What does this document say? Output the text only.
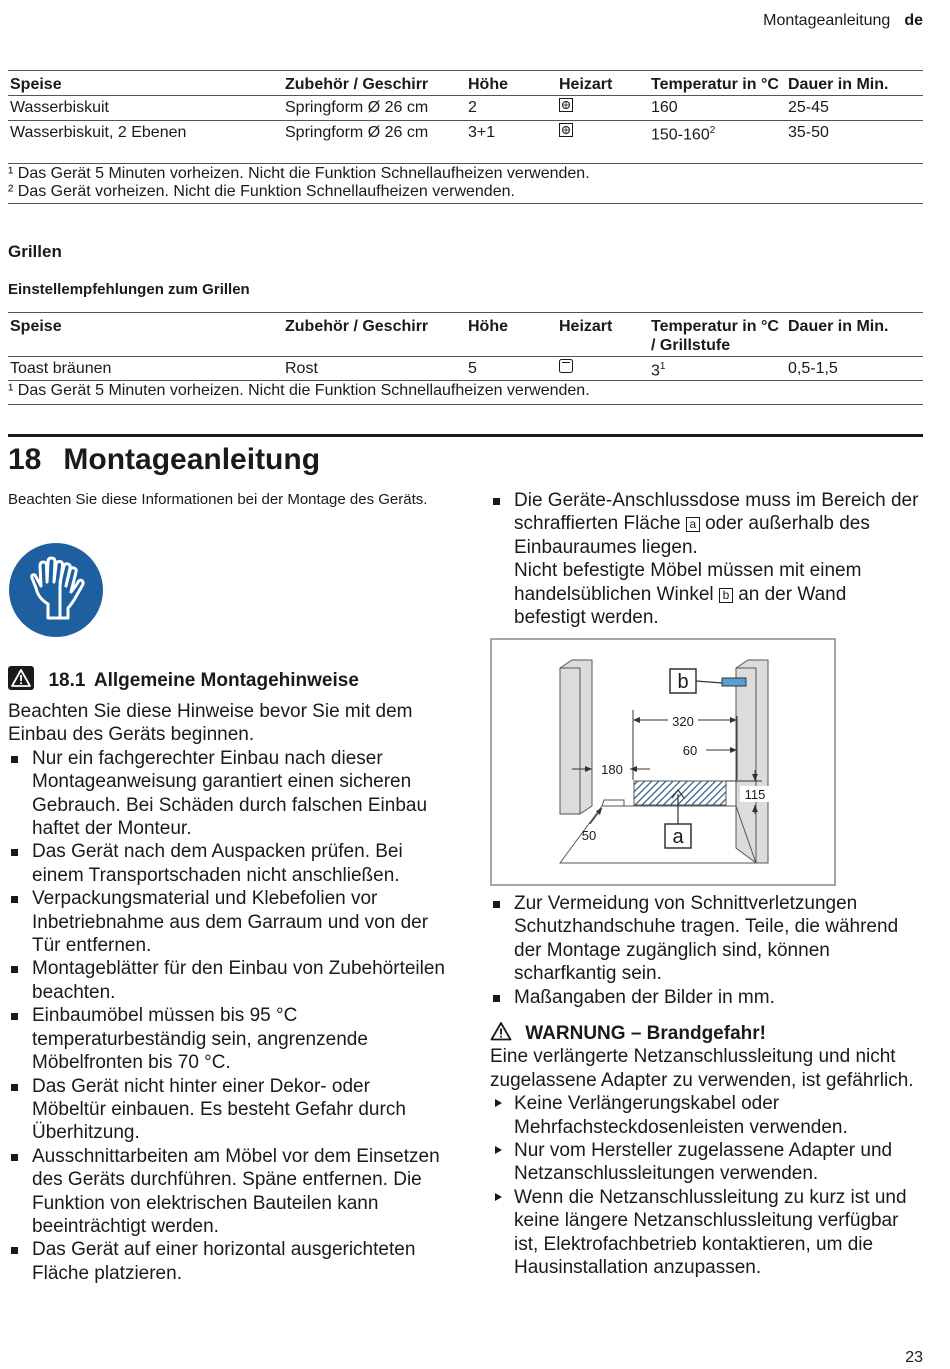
Montageanleitung de
Speise	Zubehör / Geschirr	Höhe	Heizart	Temperatur in °C	Dauer in Min.
Wasserbiskuit	Springform Ø 26 cm	2		160	25-45
Wasserbiskuit, 2 Ebenen	Springform Ø 26 cm	3+1		$150-160^2$	35-50
¹ Das Gerät 5 Minuten vorheizen. Nicht die Funktion Schnellaufheizen verwenden.
² Das Gerät vorheizen. Nicht die Funktion Schnellaufheizen verwenden.
Grillen
Einstellempfehlungen zum Grillen
Speise	Zubehör / Geschirr	Höhe	Heizart	Temperatur in °C / Grillstufe	Dauer in Min.
Toast bräunen	Rost	5		$3^1$	0,5-1,5
¹ Das Gerät 5 Minuten vorheizen. Nicht die Funktion Schnellaufheizen verwenden.
18 Montageanleitung
Beachten Sie diese Informationen bei der Montage des Geräts.
18.1 Allgemeine Montagehinweise
Beachten Sie diese Hinweise bevor Sie mit dem Einbau des Geräts beginnen.
Nur ein fachgerechter Einbau nach dieser Montageanweisung garantiert einen sicheren Gebrauch. Bei Schäden durch falschen Einbau haftet der Monteur.
Das Gerät nach dem Auspacken prüfen. Bei einem Transportschaden nicht anschließen.
Verpackungsmaterial und Klebefolien vor Inbetriebnahme aus dem Garraum und von der Tür entfernen.
Montageblätter für den Einbau von Zubehörteilen beachten.
Einbaumöbel müssen bis 95 °C temperaturbeständig sein, angrenzende Möbelfronten bis 70 °C.
Das Gerät nicht hinter einer Dekor- oder Möbeltür einbauen. Es besteht Gefahr durch Überhitzung.
Ausschnittarbeiten am Möbel vor dem Einsetzen des Geräts durchführen. Späne entfernen. Die Funktion von elektrischen Bauteilen kann beeinträchtigt werden.
Das Gerät auf einer horizontal ausgerichteten Fläche platzieren.
Die Geräte-Anschlussdose muss im Bereich der schraffierten Fläche a oder außerhalb des Einbauraumes liegen.
Nicht befestigte Möbel müssen mit einem handelsüblichen Winkel b an der Wand befestigt werden.
b
a
320
60
180
115
50
Zur Vermeidung von Schnittverletzungen Schutzhandschuhe tragen. Teile, die während der Montage zugänglich sind, können scharfkantig sein.
Maßangaben der Bilder in mm.
WARNUNG – Brandgefahr!
Eine verlängerte Netzanschlussleitung und nicht zugelassene Adapter zu verwenden, ist gefährlich.
Keine Verlängerungskabel oder Mehrfachsteckdosenleisten verwenden.
Nur vom Hersteller zugelassene Adapter und Netzanschlussleitungen verwenden.
Wenn die Netzanschlussleitung zu kurz ist und keine längere Netzanschlussleitung verfügbar ist, Elektrofachbetrieb kontaktieren, um die Hausinstallation anzupassen.
23
